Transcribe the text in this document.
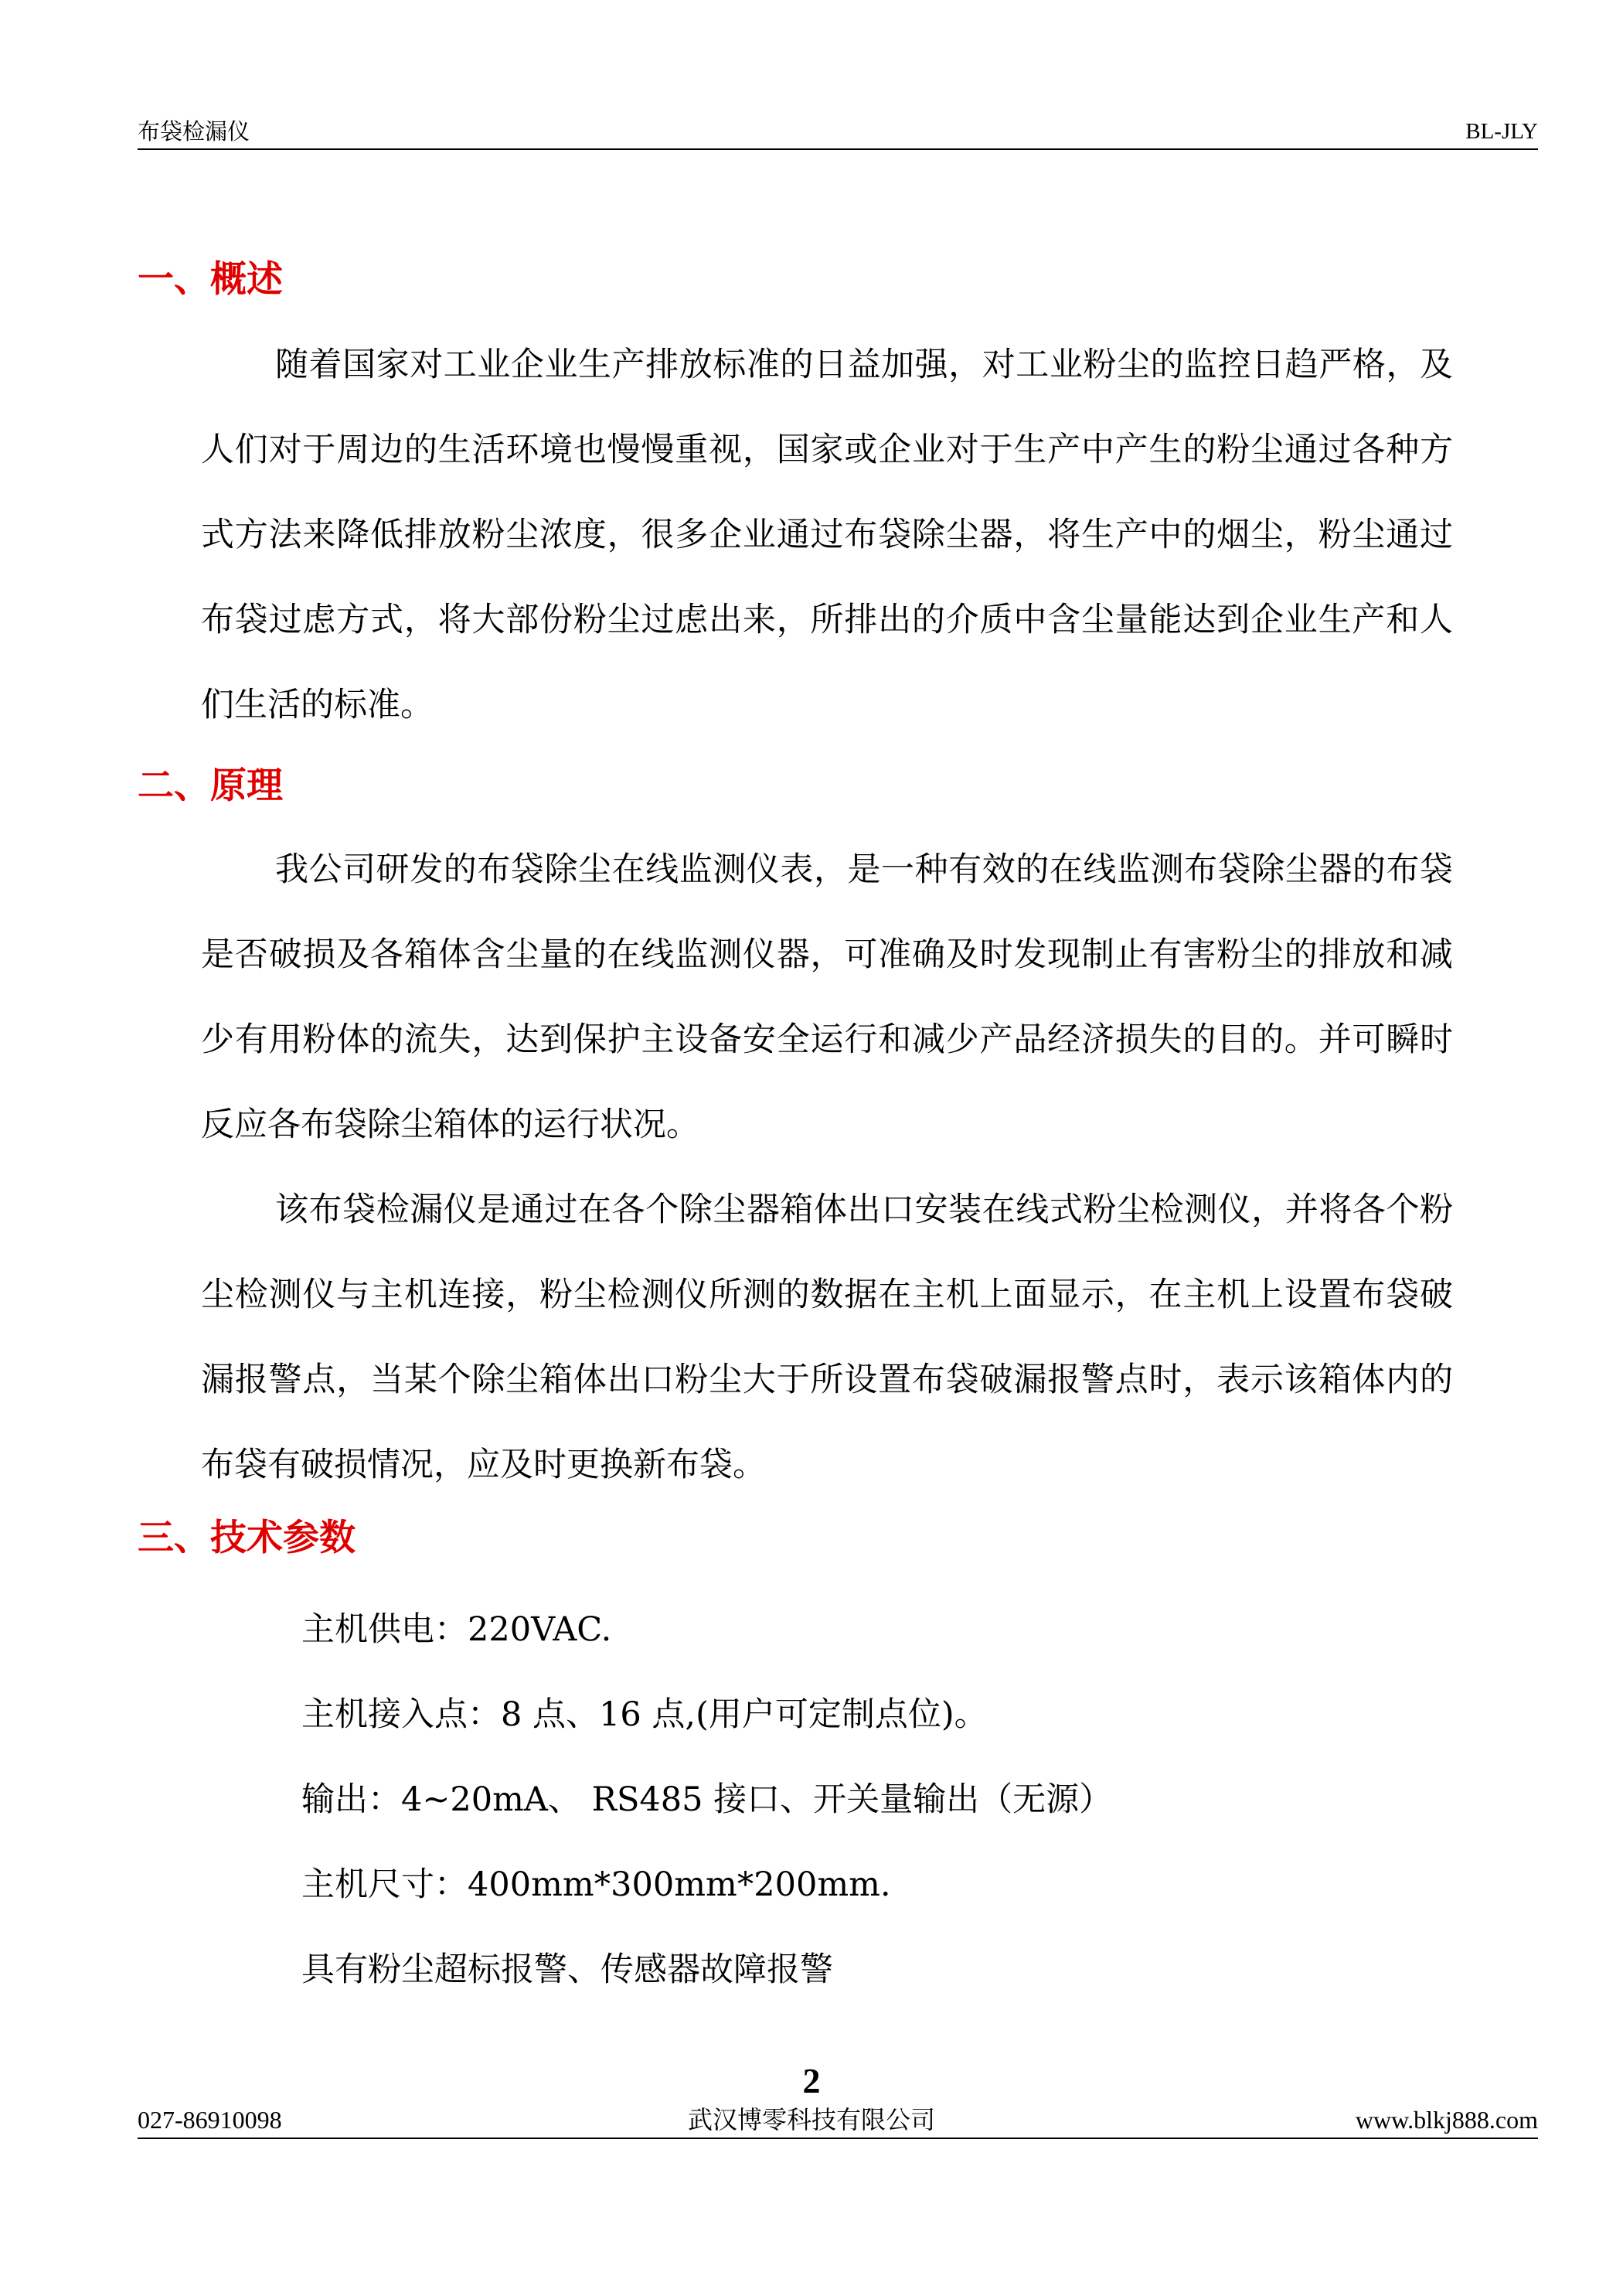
布袋检漏仪	BL-JLY
一、概述

随着国家对工业企业生产排放标准的日益加强，对工业粉尘的监控日趋严格，及人们对于周边的生活环境也慢慢重视，国家或企业对于生产中产生的粉尘通过各种方式方法来降低排放粉尘浓度，很多企业通过布袋除尘器，将生产中的烟尘，粉尘通过布袋过虑方式，将大部份粉尘过虑出来，所排出的介质中含尘量能达到企业生产和人们生活的标准。

二、原理

我公司研发的布袋除尘在线监测仪表，是一种有效的在线监测布袋除尘器的布袋是否破损及各箱体含尘量的在线监测仪器，可准确及时发现制止有害粉尘的排放和减少有用粉体的流失，达到保护主设备安全运行和减少产品经济损失的目的。并可瞬时反应各布袋除尘箱体的运行状况。

该布袋检漏仪是通过在各个除尘器箱体出口安装在线式粉尘检测仪，并将各个粉尘检测仪与主机连接，粉尘检测仪所测的数据在主机上面显示，在主机上设置布袋破漏报警点，当某个除尘箱体出口粉尘大于所设置布袋破漏报警点时，表示该箱体内的布袋有破损情况，应及时更换新布袋。

三、技术参数

主机供电：220VAC.

主机接入点：8 点、16 点,(用户可定制点位)。

输出：4~20mA、 RS485 接口、开关量输出（无源）

主机尺寸：400mm*300mm*200mm.

具有粉尘超标报警、传感器故障报警

2
027-86910098	武汉博零科技有限公司	www.blkj888.com
